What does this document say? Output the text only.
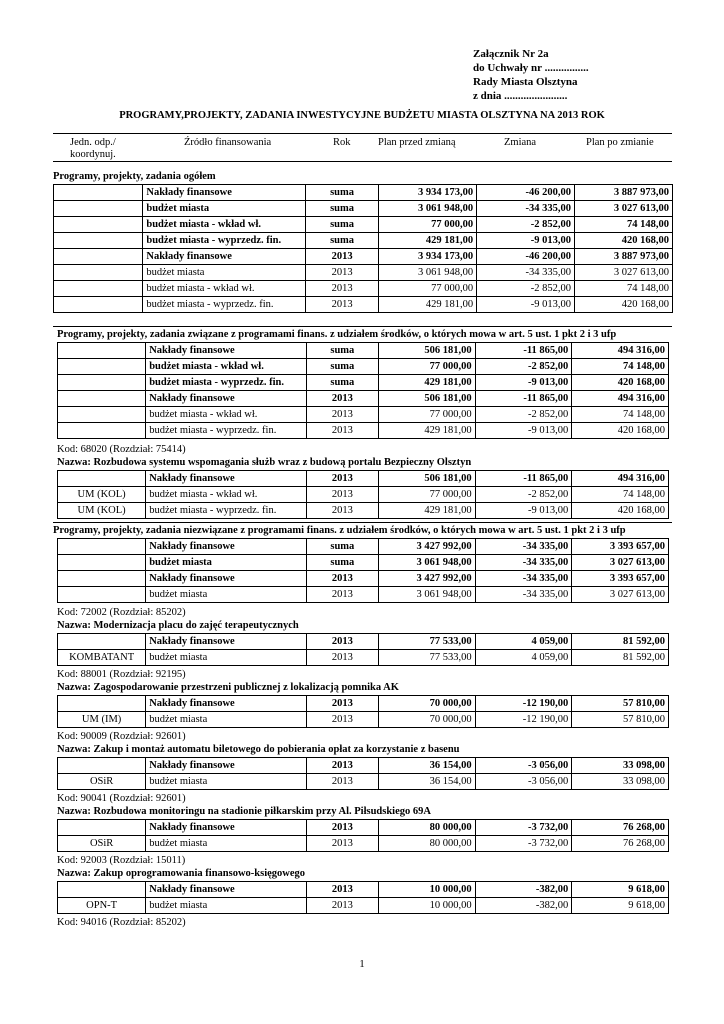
Załącznik Nr 2a
do Uchwały nr ................
Rady Miasta Olsztyna
z dnia .......................
PROGRAMY,PROJEKTY, ZADANIA INWESTYCYJNE BUDŻETU MIASTA OLSZTYNA NA 2013 ROK
Jedn. odp./
koordynuj.
Źródło finansowania	Rok	Plan przed zmianą	Zmiana	Plan po zmianie
Programy, projekty, zadania ogółem
	Nakłady finansowe	suma	3 934 173,00	-46 200,00	3 887 973,00
	budżet miasta	suma	3 061 948,00	-34 335,00	3 027 613,00
	budżet miasta - wkład wł.	suma	77 000,00	-2 852,00	74 148,00
	budżet miasta - wyprzedz. fin.	suma	429 181,00	-9 013,00	420 168,00
	Nakłady finansowe	2013	3 934 173,00	-46 200,00	3 887 973,00
	budżet miasta	2013	3 061 948,00	-34 335,00	3 027 613,00
	budżet miasta - wkład wł.	2013	77 000,00	-2 852,00	74 148,00
	budżet miasta - wyprzedz. fin.	2013	429 181,00	-9 013,00	420 168,00
Programy, projekty, zadania związane z programami finans. z udziałem środków, o których mowa w art. 5 ust. 1 pkt 2 i 3 ufp
	Nakłady finansowe	suma	506 181,00	-11 865,00	494 316,00
	budżet miasta - wkład wł.	suma	77 000,00	-2 852,00	74 148,00
	budżet miasta - wyprzedz. fin.	suma	429 181,00	-9 013,00	420 168,00
	Nakłady finansowe	2013	506 181,00	-11 865,00	494 316,00
	budżet miasta - wkład wł.	2013	77 000,00	-2 852,00	74 148,00
	budżet miasta - wyprzedz. fin.	2013	429 181,00	-9 013,00	420 168,00
Kod: 68020 (Rozdział: 75414)
Nazwa: Rozbudowa systemu wspomagania służb wraz z budową portalu Bezpieczny Olsztyn
	Nakłady finansowe	2013	506 181,00	-11 865,00	494 316,00
UM (KOL)	budżet miasta - wkład wł.	2013	77 000,00	-2 852,00	74 148,00
UM (KOL)	budżet miasta - wyprzedz. fin.	2013	429 181,00	-9 013,00	420 168,00
Programy, projekty, zadania niezwiązane z programami finans. z udziałem środków, o których mowa w art. 5 ust. 1 pkt 2 i 3 ufp
	Nakłady finansowe	suma	3 427 992,00	-34 335,00	3 393 657,00
	budżet miasta	suma	3 061 948,00	-34 335,00	3 027 613,00
	Nakłady finansowe	2013	3 427 992,00	-34 335,00	3 393 657,00
	budżet miasta	2013	3 061 948,00	-34 335,00	3 027 613,00
Kod: 72002 (Rozdział: 85202)
Nazwa: Modernizacja placu do zajęć terapeutycznych
	Nakłady finansowe	2013	77 533,00	4 059,00	81 592,00
KOMBATANT	budżet miasta	2013	77 533,00	4 059,00	81 592,00
Kod: 88001 (Rozdział: 92195)
Nazwa: Zagospodarowanie przestrzeni publicznej z lokalizacją pomnika AK
	Nakłady finansowe	2013	70 000,00	-12 190,00	57 810,00
UM (IM)	budżet miasta	2013	70 000,00	-12 190,00	57 810,00
Kod: 90009 (Rozdział: 92601)
Nazwa: Zakup i montaż automatu biletowego do pobierania opłat za korzystanie z basenu
	Nakłady finansowe	2013	36 154,00	-3 056,00	33 098,00
OSiR	budżet miasta	2013	36 154,00	-3 056,00	33 098,00
Kod: 90041 (Rozdział: 92601)
Nazwa: Rozbudowa monitoringu na stadionie piłkarskim przy Al. Piłsudskiego 69A
	Nakłady finansowe	2013	80 000,00	-3 732,00	76 268,00
OSiR	budżet miasta	2013	80 000,00	-3 732,00	76 268,00
Kod: 92003 (Rozdział: 15011)
Nazwa: Zakup oprogramowania finansowo-księgowego
	Nakłady finansowe	2013	10 000,00	-382,00	9 618,00
OPN-T	budżet miasta	2013	10 000,00	-382,00	9 618,00
Kod: 94016 (Rozdział: 85202)
1
